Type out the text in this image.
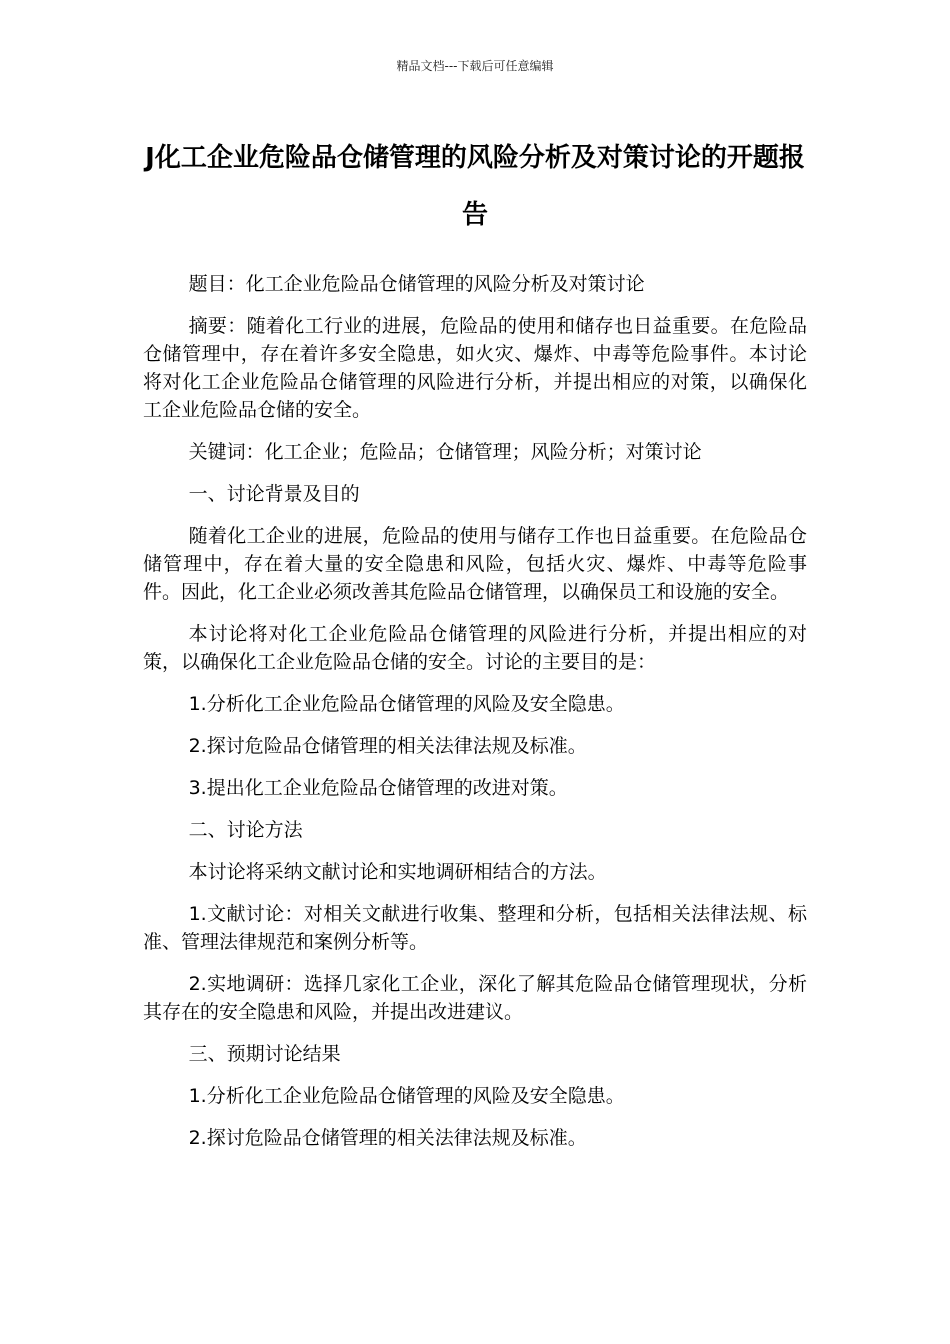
精品文档---下载后可任意编辑
J化工企业危险品仓储管理的风险分析及对策讨论的开题报告

题目：化工企业危险品仓储管理的风险分析及对策讨论

摘要：随着化工行业的进展，危险品的使用和储存也日益重要。在危险品仓储管理中，存在着许多安全隐患，如火灾、爆炸、中毒等危险事件。本讨论将对化工企业危险品仓储管理的风险进行分析，并提出相应的对策，以确保化工企业危险品仓储的安全。

关键词：化工企业；危险品；仓储管理；风险分析；对策讨论

一、讨论背景及目的

随着化工企业的进展，危险品的使用与储存工作也日益重要。在危险品仓储管理中，存在着大量的安全隐患和风险，包括火灾、爆炸、中毒等危险事件。因此，化工企业必须改善其危险品仓储管理，以确保员工和设施的安全。

本讨论将对化工企业危险品仓储管理的风险进行分析，并提出相应的对策，以确保化工企业危险品仓储的安全。讨论的主要目的是：

1.分析化工企业危险品仓储管理的风险及安全隐患。

2.探讨危险品仓储管理的相关法律法规及标准。

3.提出化工企业危险品仓储管理的改进对策。

二、讨论方法

本讨论将采纳文献讨论和实地调研相结合的方法。

1.文献讨论：对相关文献进行收集、整理和分析，包括相关法律法规、标准、管理法律规范和案例分析等。

2.实地调研：选择几家化工企业，深化了解其危险品仓储管理现状，分析其存在的安全隐患和风险，并提出改进建议。

三、预期讨论结果

1.分析化工企业危险品仓储管理的风险及安全隐患。

2.探讨危险品仓储管理的相关法律法规及标准。
